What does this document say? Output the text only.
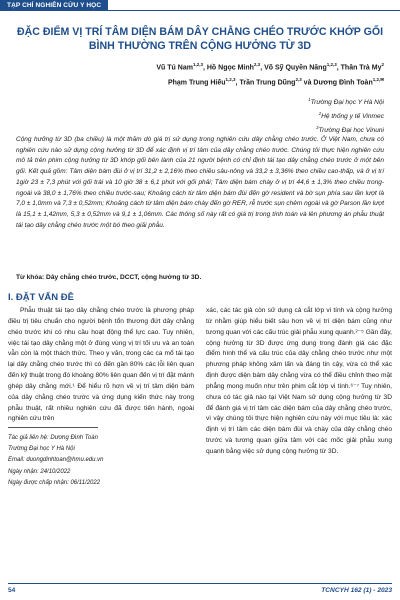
TẠP CHÍ NGHIÊN CỨU Y HỌC
ĐẶC ĐIỂM VỊ TRÍ TÂM DIỆN BÁM DÂY CHẰNG CHÉO TRƯỚC KHỚP GỐI BÌNH THƯỜNG TRÊN CỘNG HƯỞNG TỪ 3D
Vũ Tú Nam$^{1,2,3}$, Hồ Ngọc Minh$^{2,3}$, Võ Sỹ Quyền Năng$^{1,2,3}$, Thân Trà My$^2$
Phạm Trung Hiếu$^{1,2,3}$, Trần Trung Dũng$^{2,3}$ và Dương Đình Toàn$^{1,2,✉}$
$^1$Trường Đại học Y Hà Nội
$^2$Hệ thống y tế Vinmec
$^3$Trường Đại học Vinuni
Cộng hưởng từ 3D (ba chiều) là một thăm dò giá trị sử dụng trong nghiên cứu dây chằng chéo trước. Ở Việt Nam, chưa có nghiên cứu nào sử dụng cộng hưởng từ 3D để xác định vị trí tâm của dây chằng chéo trước. Chúng tôi thực hiện nghiên cứu mô tả trên phim cộng hưởng từ 3D khớp gối bên lành của 21 người bệnh có chỉ định tái tạo dây chằng chéo trước ở một bên gối. Kết quả gồm: Tâm diện bám đùi ở vị trí 31,2 ± 2,16% theo chiều sâu-nông và 33,2 ± 3,36% theo chiều cao-thấp, và ở vị trí 1giờ 23 ± 7,3 phút với gối trái và 10 giờ 38 ± 6,1 phút với gối phải; Tâm diện bám chày ở vị trí 44,6 ± 1,3% theo chiều trong-ngoài và 38,0 ± 1,76% theo chiều trước-sau; Khoảng cách từ tâm diện bám đùi đến gờ resident và bờ sụn phía sau lần lượt là 7,0 ± 1,0mm và 7,3 ± 0,52mm; Khoảng cách từ tâm diện bám chày đến gờ RER, rễ trước sụn chêm ngoài và gờ Parson lần lượt là 15,1 ± 1,42mm, 5,3 ± 0,52mm và 9,1 ± 1,06mm. Các thông số này rất có giá trị trong tính toán và lên phương án phẫu thuật tái tạo dây chằng chéo trước một bó theo giải phẫu.
Từ khóa: Dây chằng chéo trước, DCCT, cộng hưởng từ 3D.
I. ĐẶT VẤN ĐỀ

Phẫu thuật tái tạo dây chằng chéo trước là phương pháp điều trị tiêu chuẩn cho người bệnh tổn thương đứt dây chằng chéo trước khi có nhu cầu hoạt động thể lực cao. Tuy nhiên, việc tái tạo dây chằng một ở đúng vùng vị trí tối ưu và an toàn vẫn còn là một thách thức. Theo y văn, trong các ca mổ tái tạo lại dây chằng chéo trước thì có đến gần 80% các lỗi liên quan đến kỹ thuật trong đó khoảng 80% liên quan đến vị trí đặt mảnh ghép dây chằng mới.¹ Để hiểu rõ hơn về vị trí tâm diện bám của dây chằng chéo trước và ứng dụng kiến thức này trong phẫu thuật, rất nhiều nghiên cứu đã được tiến hành, ngoài nghiên cứu trên

xác, các tác giả còn sử dụng cả cắt lớp vi tính và cộng hưởng từ nhằm giúp hiểu biết sâu hơn về vị trí diện bám cũng như tương quan với các cấu trúc giải phẫu xung quanh.²⁻⁵ Gần đây, cộng hưởng từ 3D được ứng dụng trong đánh giá các đặc điểm hình thể và cấu trúc của dây chằng chéo trước như một phương pháp không xâm lấn và đáng tin cậy, vừa có thể xác định được diện bám dây chằng vừa có thể điều chỉnh theo mặt phẳng mong muốn như trên phim cắt lớp vi tính.⁶⁻⁷ Tuy nhiên, chưa có tác giả nào tại Việt Nam sử dụng cộng hưởng từ 3D để đánh giá vị trí tâm các diện bám của dây chằng chéo trước, vì vậy chúng tôi thực hiện nghiên cứu này với mục tiêu là: xác định vị trí tâm các diện bám đùi và chày của dây chằng chéo trước và tương quan giữa tâm với các mốc giải phẫu xung quanh bằng việc sử dụng cộng hưởng từ 3D.

Tác giả liên hệ: Dương Đình Toàn
Trường Đại học Y Hà Nội
Email: duongdinhtoan@hmu.edu.vn
Ngày nhận: 24/10/2022
Ngày được chấp nhận: 06/11/2022
54	TCNCYH 162 (1) - 2023
